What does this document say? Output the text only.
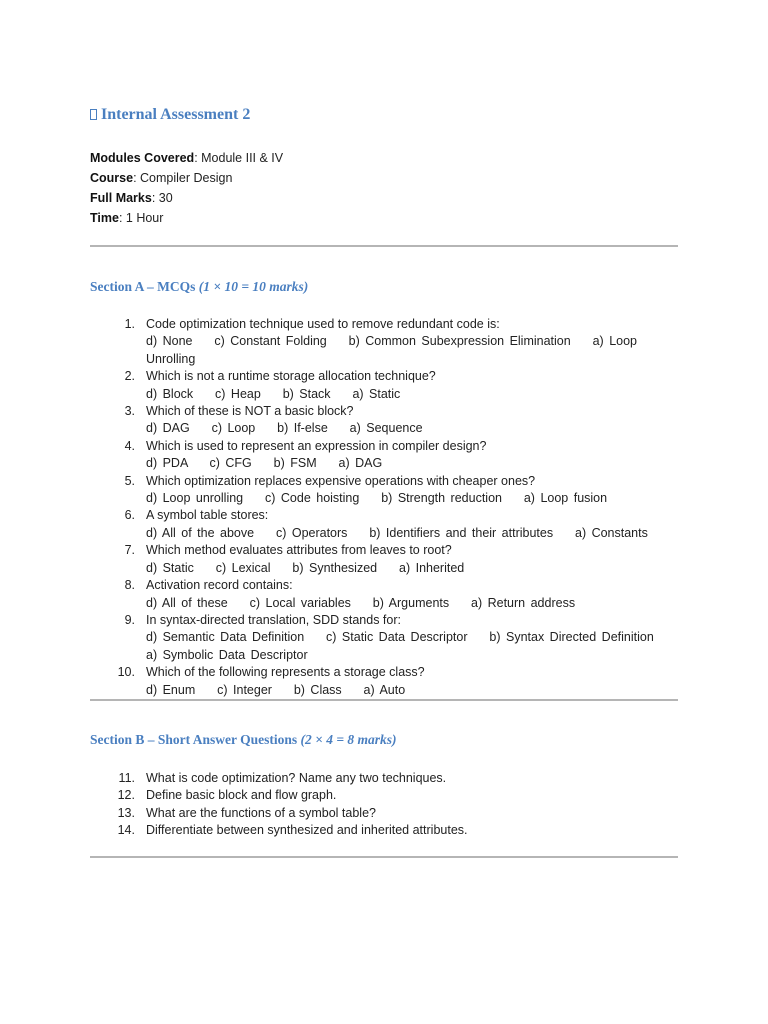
Internal Assessment 2
Modules Covered: Module III & IV
Course: Compiler Design
Full Marks: 30
Time: 1 Hour
Section A – MCQs (1 × 10 = 10 marks)
1. Code optimization technique used to remove redundant code is:
d) None    c) Constant Folding    b) Common Subexpression Elimination    a) Loop Unrolling
2. Which is not a runtime storage allocation technique?
d) Block    c) Heap    b) Stack    a) Static
3. Which of these is NOT a basic block?
d) DAG    c) Loop    b) If-else    a) Sequence
4. Which is used to represent an expression in compiler design?
d) PDA    c) CFG    b) FSM    a) DAG
5. Which optimization replaces expensive operations with cheaper ones?
d) Loop unrolling    c) Code hoisting    b) Strength reduction    a) Loop fusion
6. A symbol table stores:
d) All of the above    c) Operators    b) Identifiers and their attributes    a) Constants
7. Which method evaluates attributes from leaves to root?
d) Static    c) Lexical    b) Synthesized    a) Inherited
8. Activation record contains:
d) All of these    c) Local variables    b) Arguments    a) Return address
9. In syntax-directed translation, SDD stands for:
d) Semantic Data Definition    c) Static Data Descriptor    b) Syntax Directed Definition    a) Symbolic Data Descriptor
10. Which of the following represents a storage class?
d) Enum    c) Integer    b) Class    a) Auto
Section B – Short Answer Questions (2 × 4 = 8 marks)
11. What is code optimization? Name any two techniques.
12. Define basic block and flow graph.
13. What are the functions of a symbol table?
14. Differentiate between synthesized and inherited attributes.
